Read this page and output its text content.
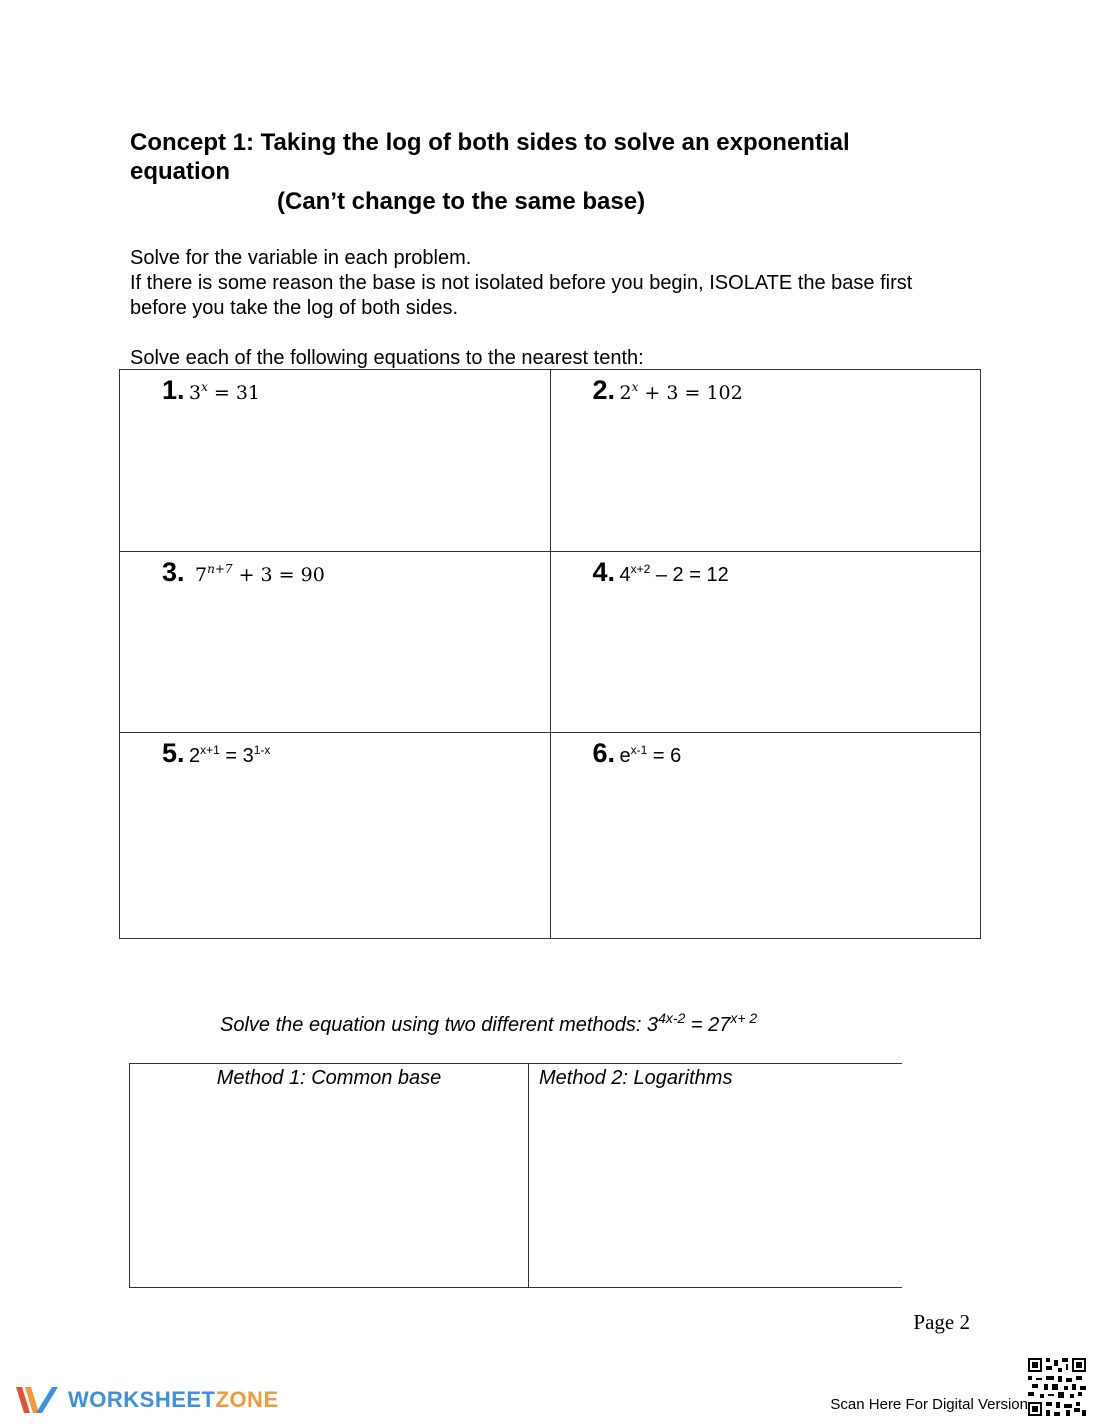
Concept 1: Taking the log of both sides to solve an exponential equation
(Can’t change to the same base)

Solve for the variable in each problem.

If there is some reason the base is not isolated before you begin, ISOLATE the base first before you take the log of both sides.

Solve each of the following equations to the nearest tenth:
1. $3^x = 31$	2. $2^x + 3 = 102$

3. $7^{n+7} + 3 = 90$	4. $4^{x+2} - 2 = 12$

5. $2^{x+1} = 3^{1-x}$	6. $e^{x-1} = 6$
Solve the equation using two different methods: $3^{4x-2} = 27^{x+ 2}$
Method 1: Common base	Method 2: Logarithms
Page 2
WORKSHEETZONE	Scan Here For Digital Version
